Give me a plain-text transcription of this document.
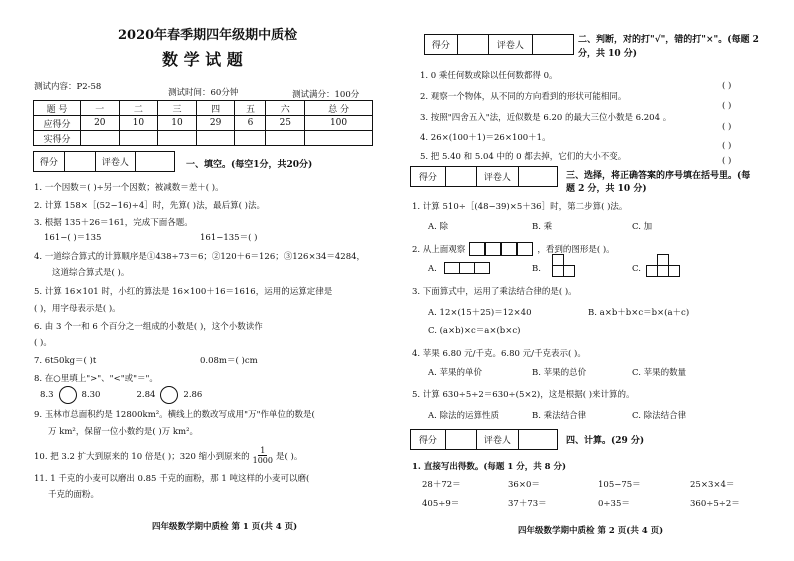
2020年春季期四年级期中质检
数 学 试 题
测试内容：P2-58
测试时间：60分钟	测试满分：100分
题 号	一	二	三	四	五	六	总 分
应得分	20	10	10	29	6	25	100
实得分							
得分	评卷人	一、填空。(每空1分，共20分)
1. 一个因数＝( )÷另一个因数；被减数＝差＋( )。
2. 计算 158×［(52−16)÷4］时，先算( )法，最后算( )法。
3. 根据 135＋26＝161，完成下面各题。
161−( )＝135	161−135＝( )
4. 一道综合算式的计算顺序是①438÷73＝6；②120＋6＝126；③126×34＝4284，
这道综合算式是( )。
5. 计算 16×101 时，小红的算法是 16×100＋16＝1616，运用的运算定律是
( )，用字母表示是( )。
6. 由 3 个一和 6 个百分之一组成的小数是( )，这个小数读作
( )。
7. 6t50kg＝( )t	0.08m＝( )cm
8. 在○里填上">"、"<"或"＝"。
8.3	8.30	2.84	2.86
9. 玉林市总面积约是 12800km²。横线上的数改写成用"万"作单位的数是(
万 km²，保留一位小数约是( )万 km²。
10. 把 3.2 扩大到原来的 10 倍是( )；320 缩小到原来的 $\frac{1}{1000}$ 是( )。
11. 1 千克的小麦可以磨出 0.85 千克的面粉，那 1 吨这样的小麦可以磨(
千克的面粉。
四年级数学期中质检 第 1 页(共 4 页)
得分	评卷人
二、判断，对的打"√"，错的打"×"。(每题 2
分，共 10 分)
1. 0 乘任何数或除以任何数都得 0。
( )
2. 观察一个物体，从不同的方向看到的形状可能相同。
( )
3. 按照"四舍五入"法，近似数是 6.20 的最大三位小数是 6.204 。
( )
4. 26×(100＋1)＝26×100＋1。
( )
5. 把 5.40 和 5.04 中的 0 都去掉，它们的大小不变。	( )
得分	评卷人	三、选择，将正确答案的序号填在括号里。(每
题 2 分，共 10 分)
1. 计算 510÷［(48−39)×5＋36］时，第二步算( )法。
A. 除	B. 乘	C. 加
2. 从上面观察	，看到的图形是( )。
A.	B.	C.
3. 下面算式中，运用了乘法结合律的是( )。
A. 12×(15＋25)＝12×40	B. a×b＋b×c＝b×(a＋c)
C. (a×b)×c＝a×(b×c)
4. 苹果 6.80 元/千克。6.80 元/千克表示( )。
A. 苹果的单价	B. 苹果的总价	C. 苹果的数量
5. 计算 630÷5÷2＝630÷(5×2)，这是根据( )来计算的。
A. 除法的运算性质	B. 乘法结合律	C. 除法结合律
得分	评卷人	四、计算。(29 分)
1. 直接写出得数。(每题 1 分，共 8 分)
28＋72＝	36×0＝	105−75＝	25×3×4＝
405÷9＝	37＋73＝	0÷35＝	360÷5÷2＝
四年级数学期中质检 第 2 页(共 4 页)
